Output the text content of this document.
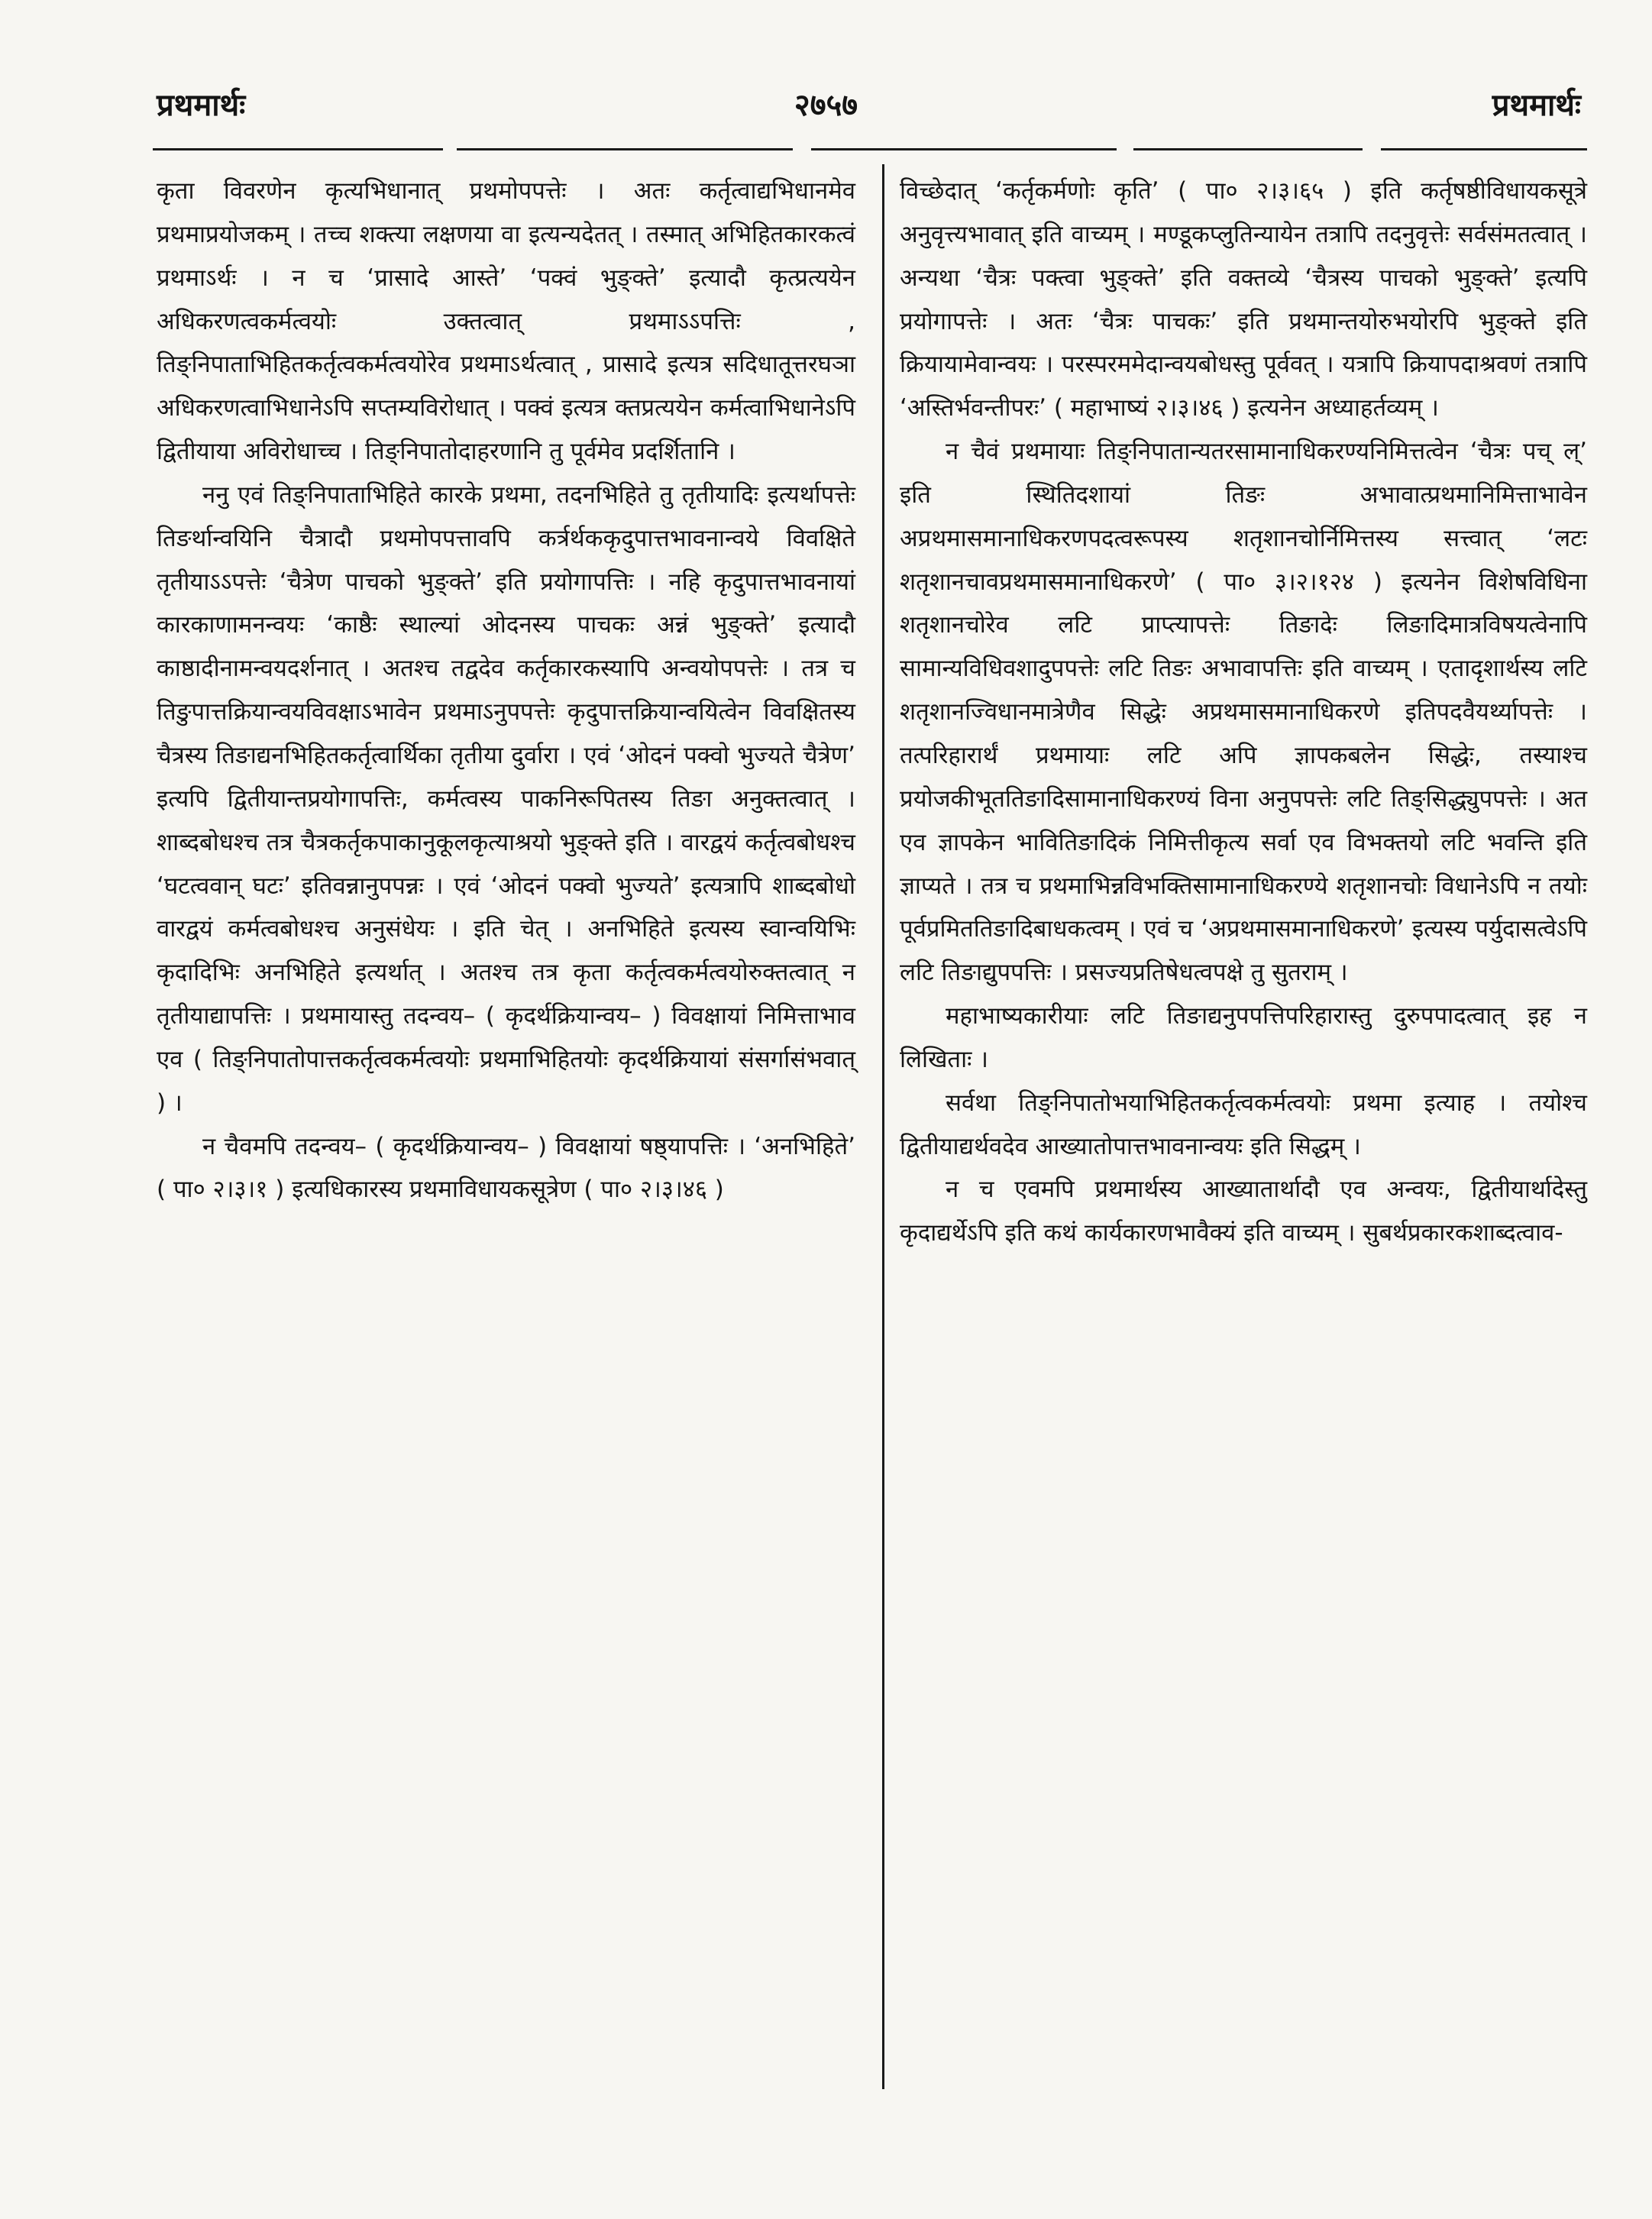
प्रथमार्थः	२७५७	प्रथमार्थः

कृता विवरणेन कृत्यभिधानात् प्रथमोपपत्तेः । अतः कर्तृत्वाद्यभिधानमेव प्रथमाप्रयोजकम् । तच्च शक्त्या लक्षणया वा इत्यन्यदेतत् । तस्मात् अभिहितकारकत्वं प्रथमाऽर्थः । न च ‘प्रासादे आस्ते’ ‘पक्वं भुङ्क्ते’ इत्यादौ कृत्प्रत्ययेन अधिकरणत्वकर्मत्वयोः उक्तत्वात् प्रथमाऽऽपत्तिः , तिङ्निपाताभिहितकर्तृत्वकर्मत्वयोरेव प्रथमाऽर्थत्वात् , प्रासादे इत्यत्र सदिधातूत्तरघञा अधिकरणत्वाभिधानेऽपि सप्तम्यविरोधात् । पक्वं इत्यत्र क्तप्रत्ययेन कर्मत्वाभिधानेऽपि द्वितीयाया अविरोधाच्च । तिङ्निपातोदाहरणानि तु पूर्वमेव प्रदर्शितानि ।

ननु एवं तिङ्निपाताभिहिते कारके प्रथमा, तदनभिहिते तु तृतीयादिः इत्यर्थापत्तेः तिङर्थान्वयिनि चैत्रादौ प्रथमोपपत्तावपि कर्त्रर्थककृदुपात्तभावनान्वये विवक्षिते तृतीयाऽऽपत्तेः ‘चैत्रेण पाचको भुङ्क्ते’ इति प्रयोगापत्तिः । नहि कृदुपात्तभावनायां कारकाणामनन्वयः ‘काष्ठैः स्थाल्यां ओदनस्य पाचकः अन्नं भुङ्क्ते’ इत्यादौ काष्ठादीनामन्वयदर्शनात् । अतश्च तद्वदेव कर्तृकारकस्यापि अन्वयोपपत्तेः । तत्र च तिङुपात्तक्रियान्वयविवक्षाऽभावेन प्रथमाऽनुपपत्तेः कृदुपात्तक्रियान्वयित्वेन विवक्षितस्य चैत्रस्य तिङाद्यनभिहितकर्तृत्वार्थिका तृतीया दुर्वारा । एवं ‘ओदनं पक्वो भुज्यते चैत्रेण’ इत्यपि द्वितीयान्तप्रयोगापत्तिः, कर्मत्वस्य पाकनिरूपितस्य तिङा अनुक्तत्वात् । शाब्दबोधश्च तत्र चैत्रकर्तृकपाकानुकूलकृत्याश्रयो भुङ्क्ते इति । वारद्वयं कर्तृत्वबोधश्च ‘घटत्ववान् घटः’ इतिवन्नानुपपन्नः । एवं ‘ओदनं पक्वो भुज्यते’ इत्यत्रापि शाब्दबोधो वारद्वयं कर्मत्वबोधश्च अनुसंधेयः । इति चेत् । अनभिहिते इत्यस्य स्वान्वयिभिः कृदादिभिः अनभिहिते इत्यर्थात् । अतश्च तत्र कृता कर्तृत्वकर्मत्वयोरुक्तत्वात् न तृतीयाद्यापत्तिः । प्रथमायास्तु तदन्वय– ( कृदर्थक्रियान्वय– ) विवक्षायां निमित्ताभाव एव ( तिङ्निपातोपात्तकर्तृत्वकर्मत्वयोः प्रथमाभिहितयोः कृदर्थक्रियायां संसर्गासंभवात् ) ।

न चैवमपि तदन्वय– ( कृदर्थक्रियान्वय– ) विवक्षायां षष्ठ्यापत्तिः । ‘अनभिहिते’ ( पा० २।३।१ ) इत्यधिकारस्य प्रथमाविधायकसूत्रेण ( पा० २।३।४६ )

विच्छेदात् ‘कर्तृकर्मणोः कृति’ ( पा० २।३।६५ ) इति कर्तृषष्ठीविधायकसूत्रे अनुवृत्त्यभावात् इति वाच्यम् । मण्डूकप्लुतिन्यायेन तत्रापि तदनुवृत्तेः सर्वसंमतत्वात् । अन्यथा ‘चैत्रः पक्त्वा भुङ्क्ते’ इति वक्तव्ये ‘चैत्रस्य पाचको भुङ्क्ते’ इत्यपि प्रयोगापत्तेः । अतः ‘चैत्रः पाचकः’ इति प्रथमान्तयोरुभयोरपि भुङ्क्ते इति क्रियायामेवान्वयः । परस्परममेदान्वयबोधस्तु पूर्ववत् । यत्रापि क्रियापदाश्रवणं तत्रापि ‘अस्तिर्भवन्तीपरः’ ( महाभाष्यं २।३।४६ ) इत्यनेन अध्याहर्तव्यम् ।

न चैवं प्रथमायाः तिङ्निपातान्यतरसामानाधिकरण्यनिमित्तत्वेन ‘चैत्रः पच् ल्’ इति स्थितिदशायां तिङः अभावात्प्रथमानिमित्ताभावेन अप्रथमासमानाधिकरणपदत्वरूपस्य शतृशानचोर्निमित्तस्य सत्त्वात् ‘लटः शतृशानचावप्रथमासमानाधिकरणे’ ( पा० ३।२।१२४ ) इत्यनेन विशेषविधिना शतृशानचोरेव लटि प्राप्त्यापत्तेः तिङादेः लिङादिमात्रविषयत्वेनापि सामान्यविधिवशादुपपत्तेः लटि तिङः अभावापत्तिः इति वाच्यम् । एतादृशार्थस्य लटि शतृशानज्विधानमात्रेणैव सिद्धेः अप्रथमासमानाधिकरणे इतिपदवैयर्थ्यापत्तेः । तत्परिहारार्थं प्रथमायाः लटि अपि ज्ञापकबलेन सिद्धेः, तस्याश्च प्रयोजकीभूततिङादिसामानाधिकरण्यं विना अनुपपत्तेः लटि तिङ्सिद्ध्युपपत्तेः । अत एव ज्ञापकेन भावितिङादिकं निमित्तीकृत्य सर्वा एव विभक्तयो लटि भवन्ति इति ज्ञाप्यते । तत्र च प्रथमाभिन्नविभक्तिसामानाधिकरण्ये शतृशानचोः विधानेऽपि न तयोः पूर्वप्रमिततिङादिबाधकत्वम् । एवं च ‘अप्रथमासमानाधिकरणे’ इत्यस्य पर्युदासत्वेऽपि लटि तिङाद्युपपत्तिः । प्रसज्यप्रतिषेधत्वपक्षे तु सुतराम् ।

महाभाष्यकारीयाः लटि तिङाद्यनुपपत्तिपरिहारास्तु दुरुपपादत्वात् इह न लिखिताः ।

सर्वथा तिङ्निपातोभयाभिहितकर्तृत्वकर्मत्वयोः प्रथमा इत्याह । तयोश्च द्वितीयाद्यर्थवदेव आख्यातोपात्तभावनान्वयः इति सिद्धम् ।

न च एवमपि प्रथमार्थस्य आख्यातार्थादौ एव अन्वयः, द्वितीयार्थादेस्तु कृदाद्यर्थेऽपि इति कथं कार्यकारणभावैक्यं इति वाच्यम् । सुबर्थप्रकारकशाब्दत्वाव-
